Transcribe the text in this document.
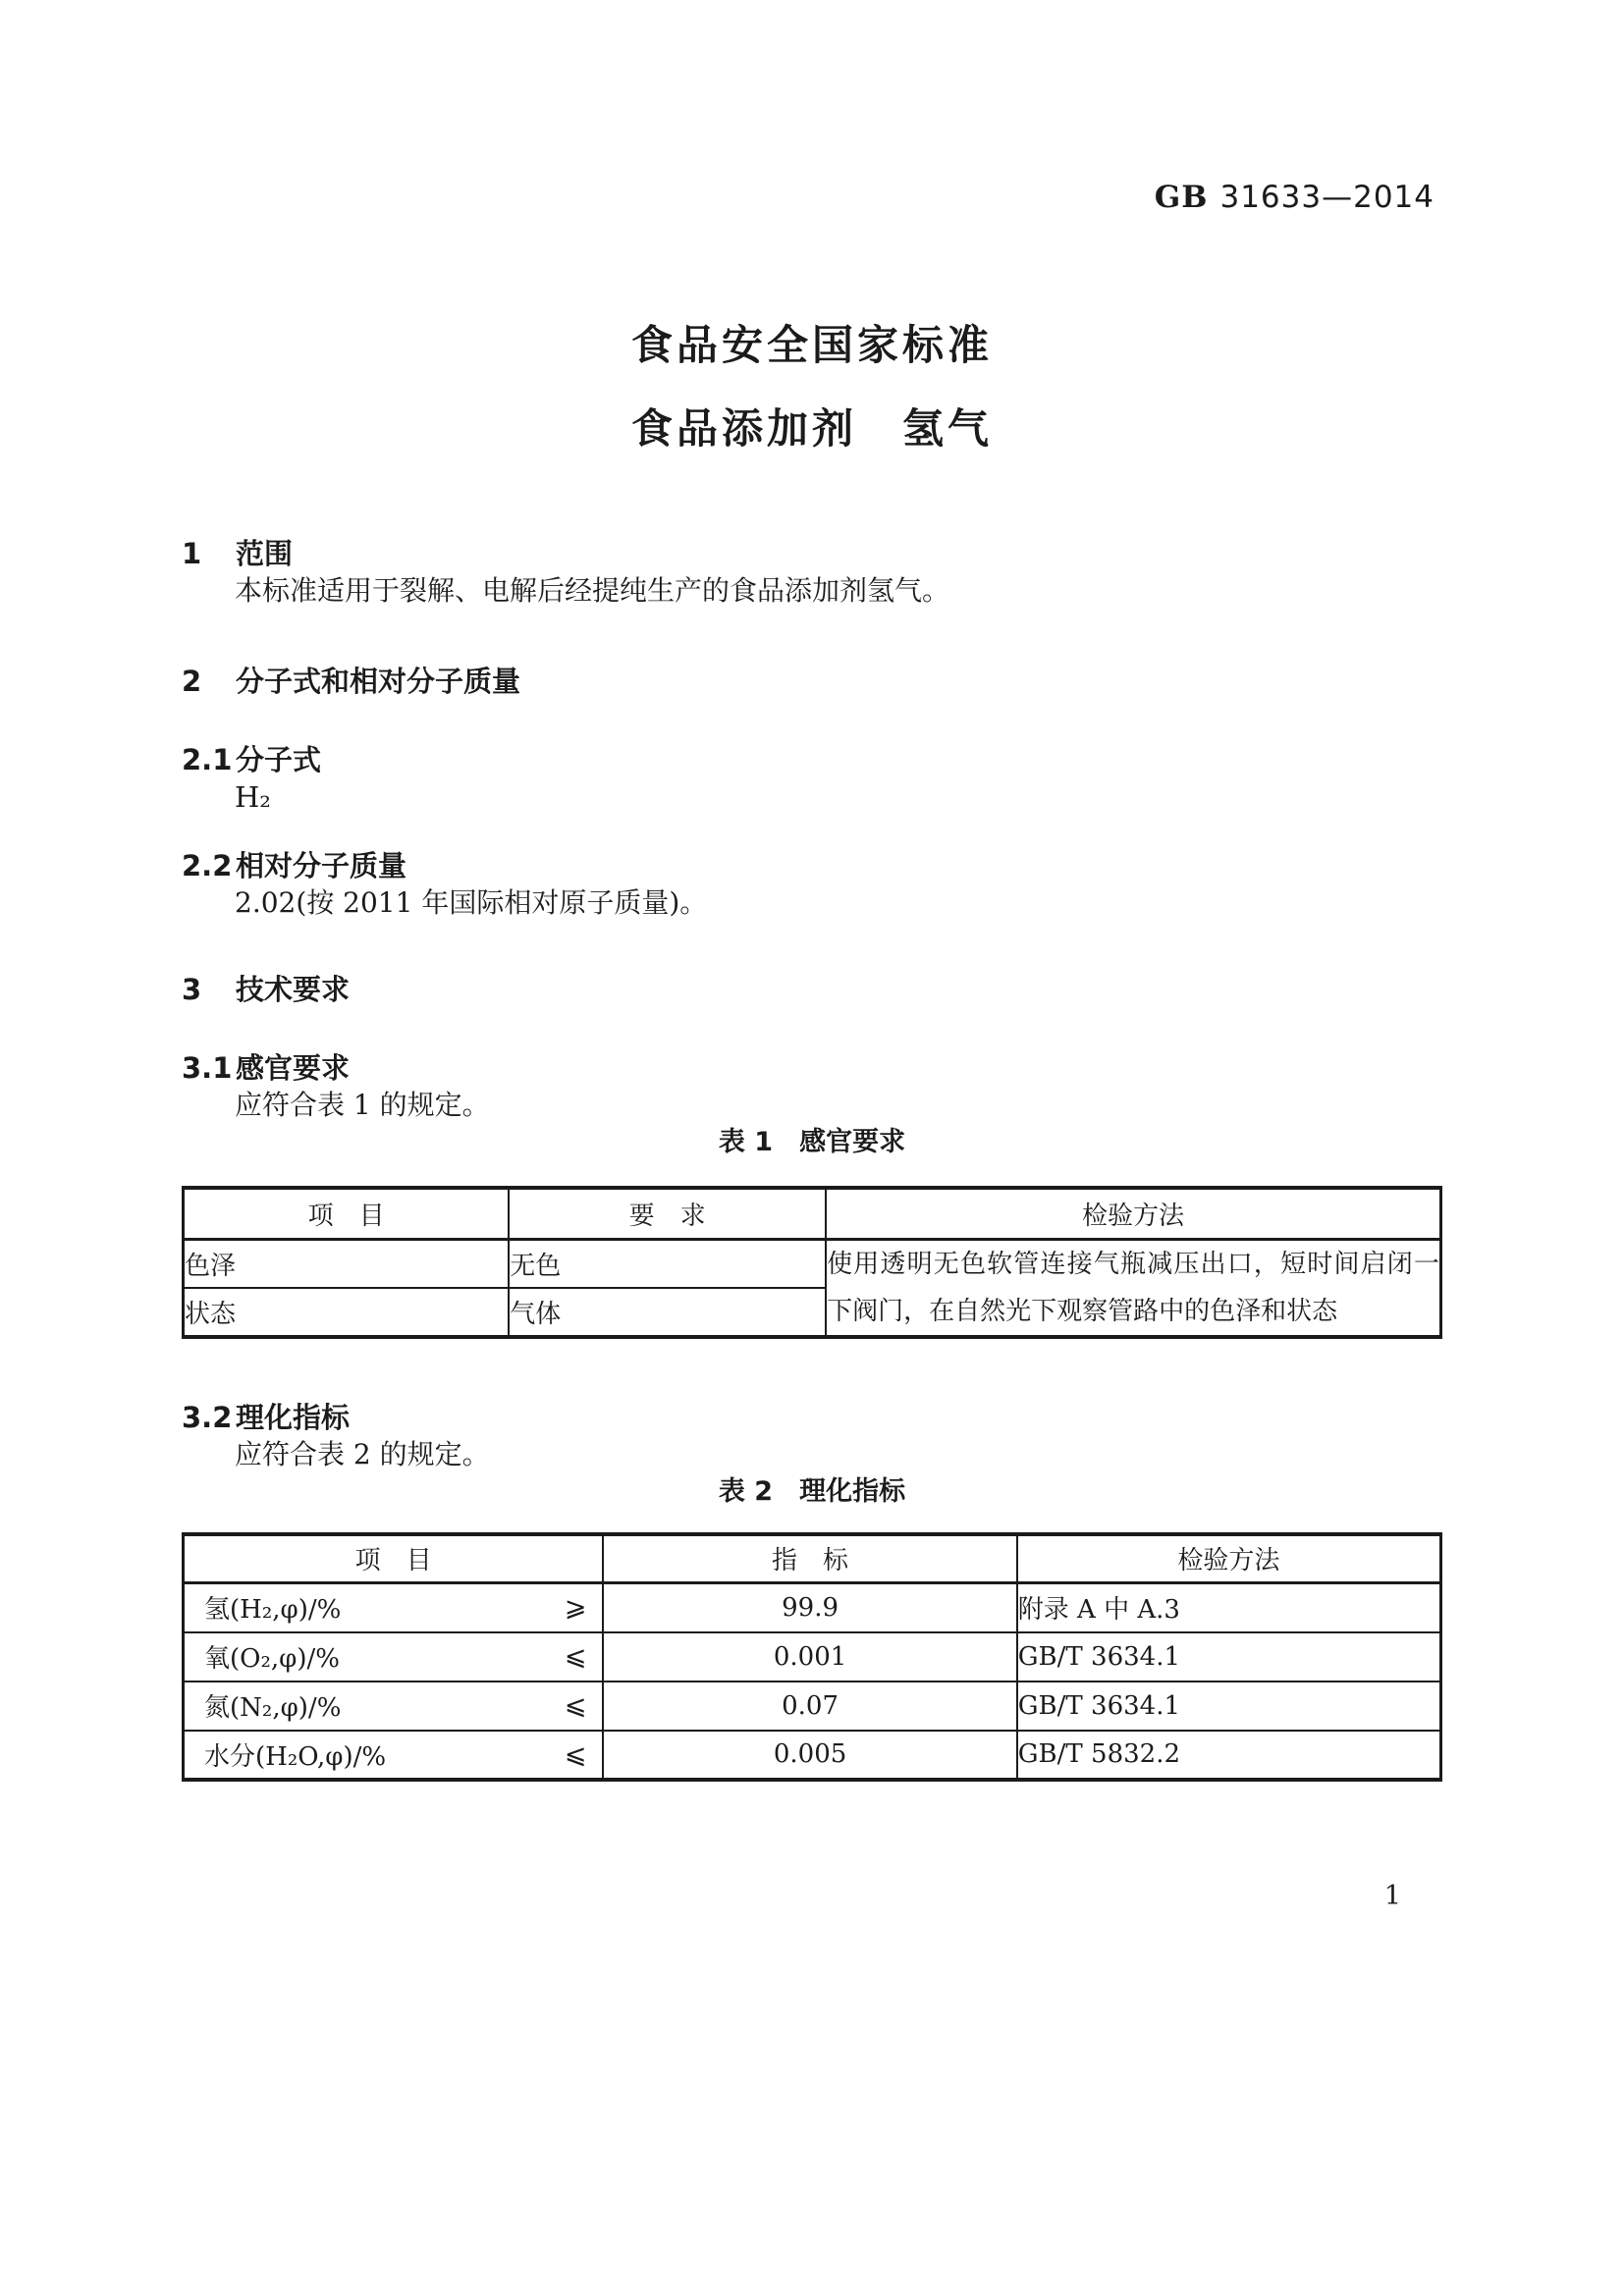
GB 31633—2014
食品安全国家标准
食品添加剂　氢气
1	范围

本标准适用于裂解、电解后经提纯生产的食品添加剂氢气。

2	分子式和相对分子质量
2.1 分子式

H₂

2.2 相对分子质量

2.02(按 2011 年国际相对原子质量)。

3	技术要求
3.1 感官要求

应符合表 1 的规定。

表 1　感官要求

项　目	要　求	检验方法
色泽	无色	使用透明无色软管连接气瓶减压出口，短时间启闭一下阀门，在自然光下观察管路中的色泽和状态
状态	气体	
3.2 理化指标

应符合表 2 的规定。

表 2　理化指标

项　目	指　标	检验方法

氢(H₂,φ)/% ⩾	99.9	附录 A 中 A.3

氧(O₂,φ)/% ⩽	0.001	GB/T 3634.1

氮(N₂,φ)/% ⩽	0.07	GB/T 3634.1

水分(H₂O,φ)/% ⩽	0.005	GB/T 5832.2
1
